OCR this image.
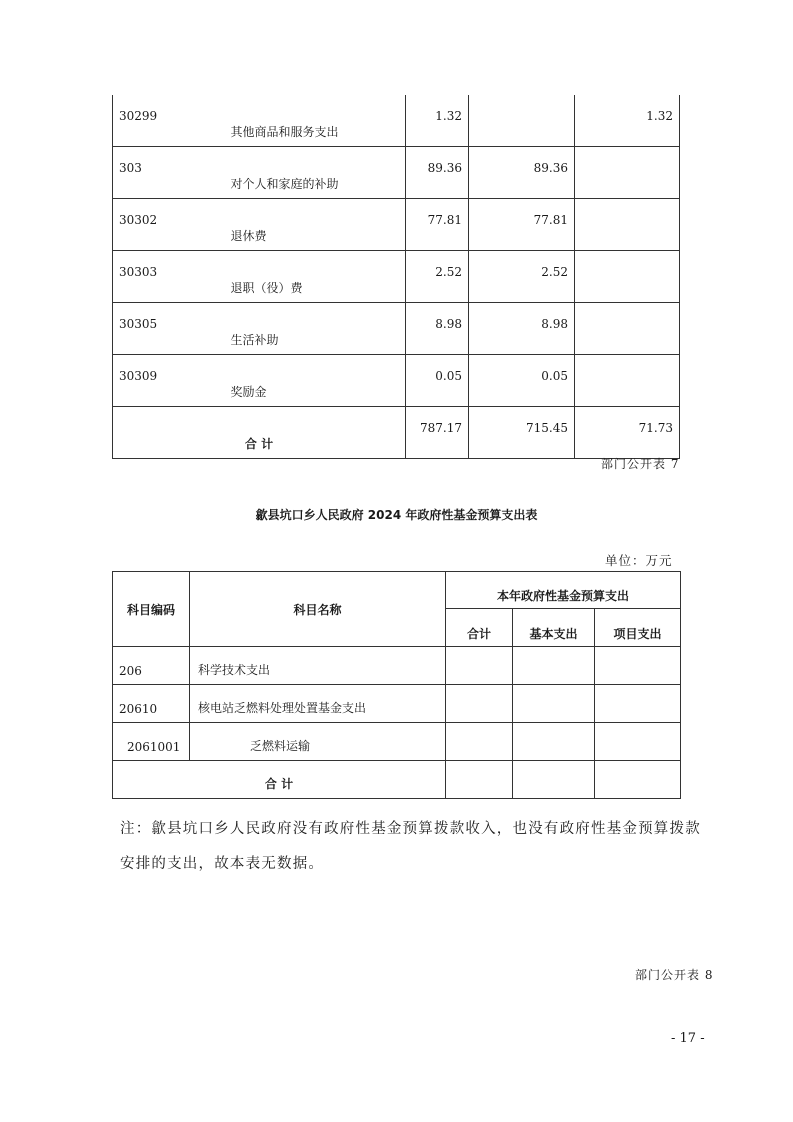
30299	其他商品和服务支出	1.32		1.32
303	对个人和家庭的补助	89.36	89.36	
30302	退休费	77.81	77.81	
30303	退职（役）费	2.52	2.52	
30305	生活补助	8.98	8.98	
30309	奖励金	0.05	0.05	
合 计		787.17	715.45	71.73
部门公开表 7
歙县坑口乡人民政府 2024 年政府性基金预算支出表
单位：万元
科目编码	科目名称	本年政府性基金预算支出		
		合计	基本支出	项目支出
206	科学技术支出			
20610	核电站乏燃料处理处置基金支出			
2061001	乏燃料运输			
合 计				
注：歙县坑口乡人民政府没有政府性基金预算拨款收入，也没有政府性基金预算拨款
安排的支出，故本表无数据。
部门公开表 8
- 17 -
